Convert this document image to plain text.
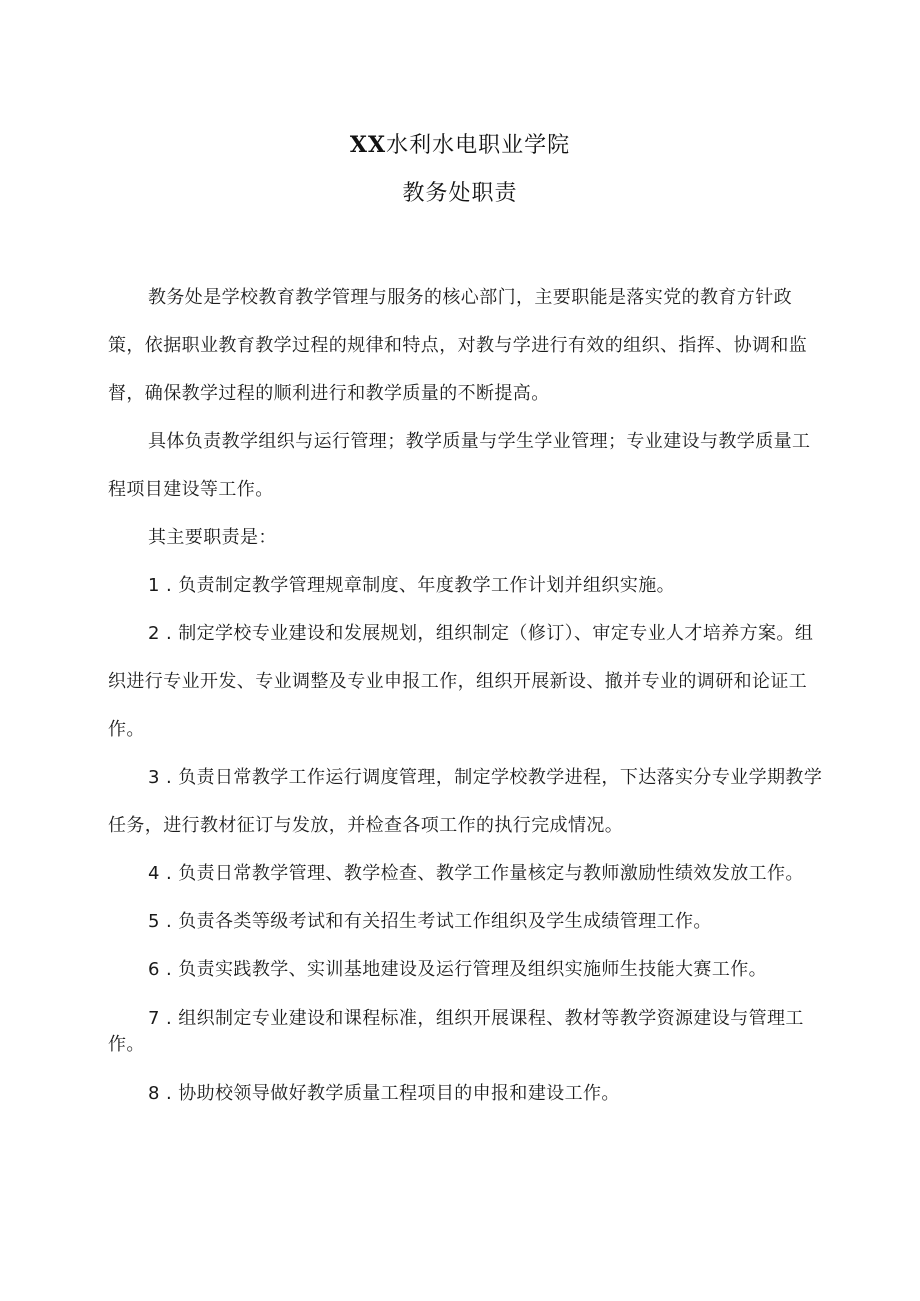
XX水利水电职业学院
教务处职责

教务处是学校教育教学管理与服务的核心部门，主要职能是落实党的教育方针政策，依据职业教育教学过程的规律和特点，对教与学进行有效的组织、指挥、协调和监督，确保教学过程的顺利进行和教学质量的不断提高。

具体负责教学组织与运行管理；教学质量与学生学业管理；专业建设与教学质量工程项目建设等工作。

其主要职责是：

1 . 负责制定教学管理规章制度、年度教学工作计划并组织实施。

2 . 制定学校专业建设和发展规划，组织制定（修订）、审定专业人才培养方案。组织进行专业开发、专业调整及专业申报工作，组织开展新设、撤并专业的调研和论证工作。

3 . 负责日常教学工作运行调度管理，制定学校教学进程，下达落实分专业学期教学任务，进行教材征订与发放，并检查各项工作的执行完成情况。

4 . 负责日常教学管理、教学检查、教学工作量核定与教师激励性绩效发放工作。

5 . 负责各类等级考试和有关招生考试工作组织及学生成绩管理工作。

6 . 负责实践教学、实训基地建设及运行管理及组织实施师生技能大赛工作。

7 . 组织制定专业建设和课程标准，组织开展课程、教材等教学资源建设与管理工作。

8 . 协助校领导做好教学质量工程项目的申报和建设工作。
